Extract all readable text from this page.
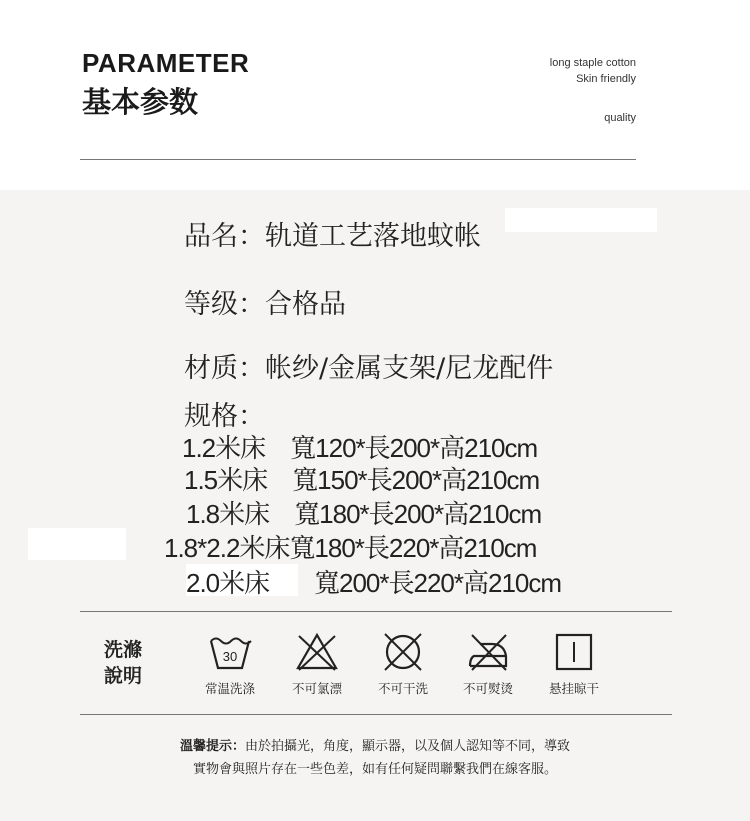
PARAMETER
基本参数
long staple cotton
Skin friendly
quality
品名：轨道工艺落地蚊帐
等级：合格品
材质：帐纱/金属支架/尼龙配件
规格：
1.2米床　寬120*長200*高210cm
1.5米床　寬150*長200*高210cm
1.8米床　寬180*長200*高210cm
1.8*2.2米床寬180*長220*高210cm
2.0米床 寬200*長220*高210cm
洗滌
說明
30
常温洗涤	不可氯漂	不可干洗	不可熨烫	悬挂晾干
溫馨提示：由於拍攝光，角度，顯示器，以及個人認知等不同，導致
實物會與照片存在一些色差，如有任何疑問聯繫我們在線客服。
